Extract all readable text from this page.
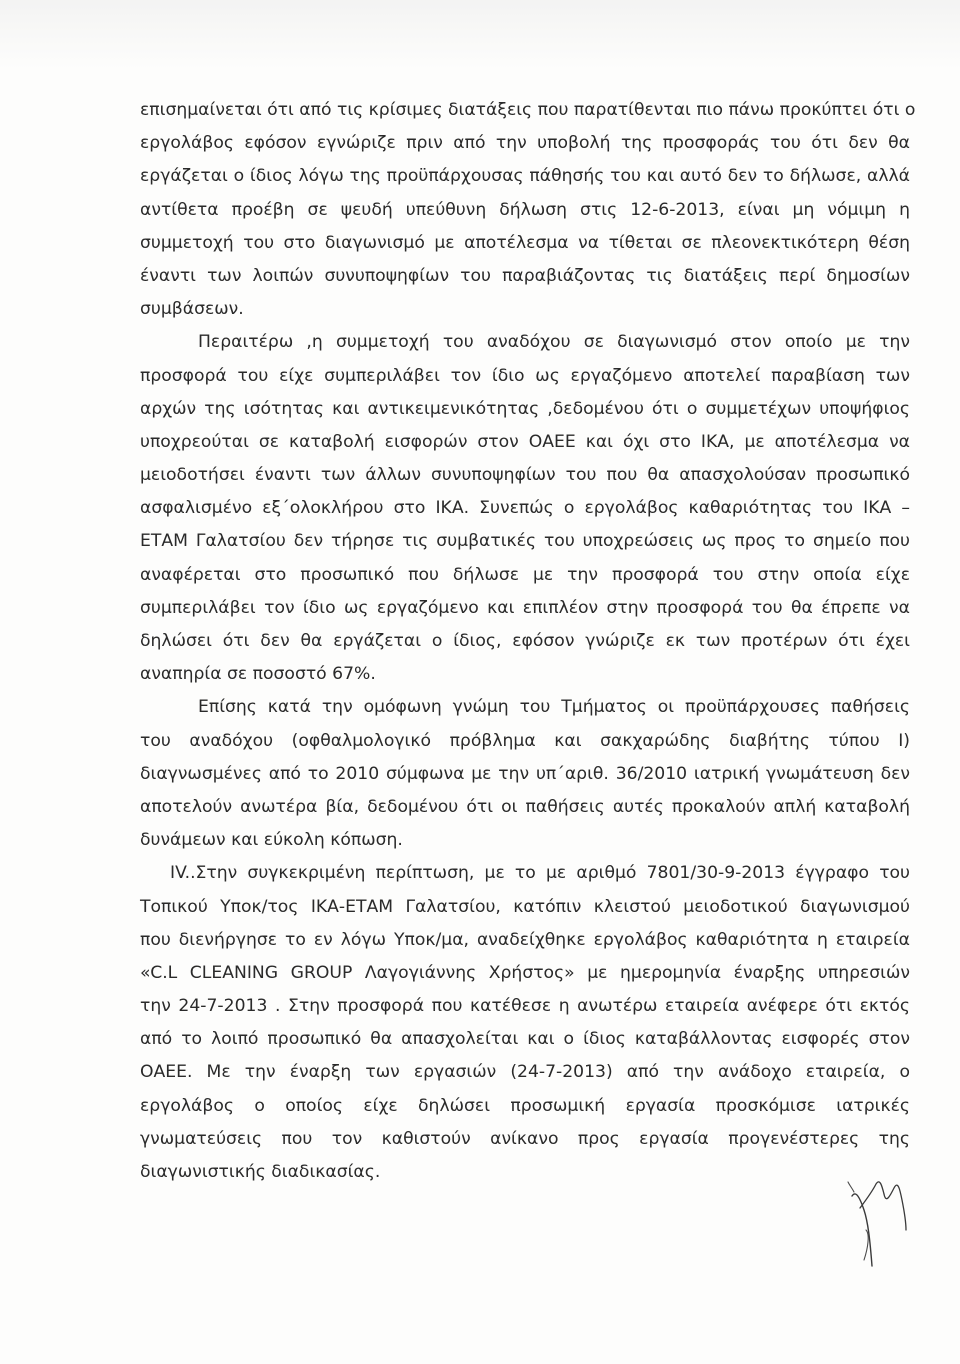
επισημαίνεται ότι από τις κρίσιμες διατάξεις που παρατίθενται πιο πάνω προκύπτει ότι ο
εργολάβος εφόσον εγνώριζε πριν από την υποβολή της προσφοράς του ότι δεν θα
εργάζεται ο ίδιος λόγω της προϋπάρχουσας πάθησής του και αυτό δεν το δήλωσε, αλλά
αντίθετα προέβη σε ψευδή υπεύθυνη δήλωση στις 12-6-2013, είναι μη νόμιμη η
συμμετοχή του στο διαγωνισμό με αποτέλεσμα να τίθεται σε πλεονεκτικότερη θέση
έναντι των λοιπών συνυποψηφίων του παραβιάζοντας τις διατάξεις περί δημοσίων
συμβάσεων.
Περαιτέρω ,η συμμετοχή του αναδόχου σε διαγωνισμό στον οποίο με την
προσφορά του είχε συμπεριλάβει τον ίδιο ως εργαζόμενο αποτελεί παραβίαση των
αρχών της ισότητας και αντικειμενικότητας ,δεδομένου ότι ο συμμετέχων υποψήφιος
υποχρεούται σε καταβολή εισφορών στον ΟΑΕΕ και όχι στο ΙΚΑ, με αποτέλεσμα να
μειοδοτήσει έναντι των άλλων συνυποψηφίων του που θα απασχολούσαν προσωπικό
ασφαλισμένο εξ΄ολοκλήρου στο ΙΚΑ. Συνεπώς ο εργολάβος καθαριότητας του ΙΚΑ –
ΕΤΑΜ Γαλατσίου δεν τήρησε τις συμβατικές του υποχρεώσεις ως προς το σημείο που
αναφέρεται στο προσωπικό που δήλωσε με την προσφορά του στην οποία είχε
συμπεριλάβει τον ίδιο ως εργαζόμενο και επιπλέον στην προσφορά του θα έπρεπε να
δηλώσει ότι δεν θα εργάζεται o ίδιος, εφόσον γνώριζε εκ των προτέρων ότι έχει
αναπηρία σε ποσοστό 67%.
Επίσης κατά την ομόφωνη γνώμη του Τμήματος οι προϋπάρχουσες παθήσεις
του αναδόχου (οφθαλμολογικό πρόβλημα και σακχαρώδης διαβήτης τύπου Ι)
διαγνωσμένες από το 2010 σύμφωνα με την υπ΄αριθ. 36/2010 ιατρική γνωμάτευση δεν
αποτελούν ανωτέρα βία, δεδομένου ότι οι παθήσεις αυτές προκαλούν απλή καταβολή
δυνάμεων και εύκολη κόπωση.
IV..Στην συγκεκριμένη περίπτωση, με το με αριθμό 7801/30-9-2013 έγγραφο του
Τοπικού Υποκ/τος ΙΚΑ-ΕΤΑΜ Γαλατσίου, κατόπιν κλειστού μειοδοτικού διαγωνισμού
που διενήργησε το εν λόγω Υποκ/μα, αναδείχθηκε εργολάβος καθαριότητα η εταιρεία
«C.L CLEANING GROUP Λαγογιάννης Χρήστος» με ημερομηνία έναρξης υπηρεσιών
την 24-7-2013 . Στην προσφορά που κατέθεσε η ανωτέρω εταιρεία ανέφερε ότι εκτός
από το λοιπό προσωπικό θα απασχολείται και ο ίδιος καταβάλλοντας εισφορές στον
ΟΑΕΕ. Με την έναρξη των εργασιών (24-7-2013) από την ανάδοχο εταιρεία, ο
εργολάβος ο οποίος είχε δηλώσει προσωμική εργασία προσκόμισε ιατρικές
γνωματεύσεις που τον καθιστούν ανίκανο προς εργασία προγενέστερες της
διαγωνιστικής διαδικασίας.
